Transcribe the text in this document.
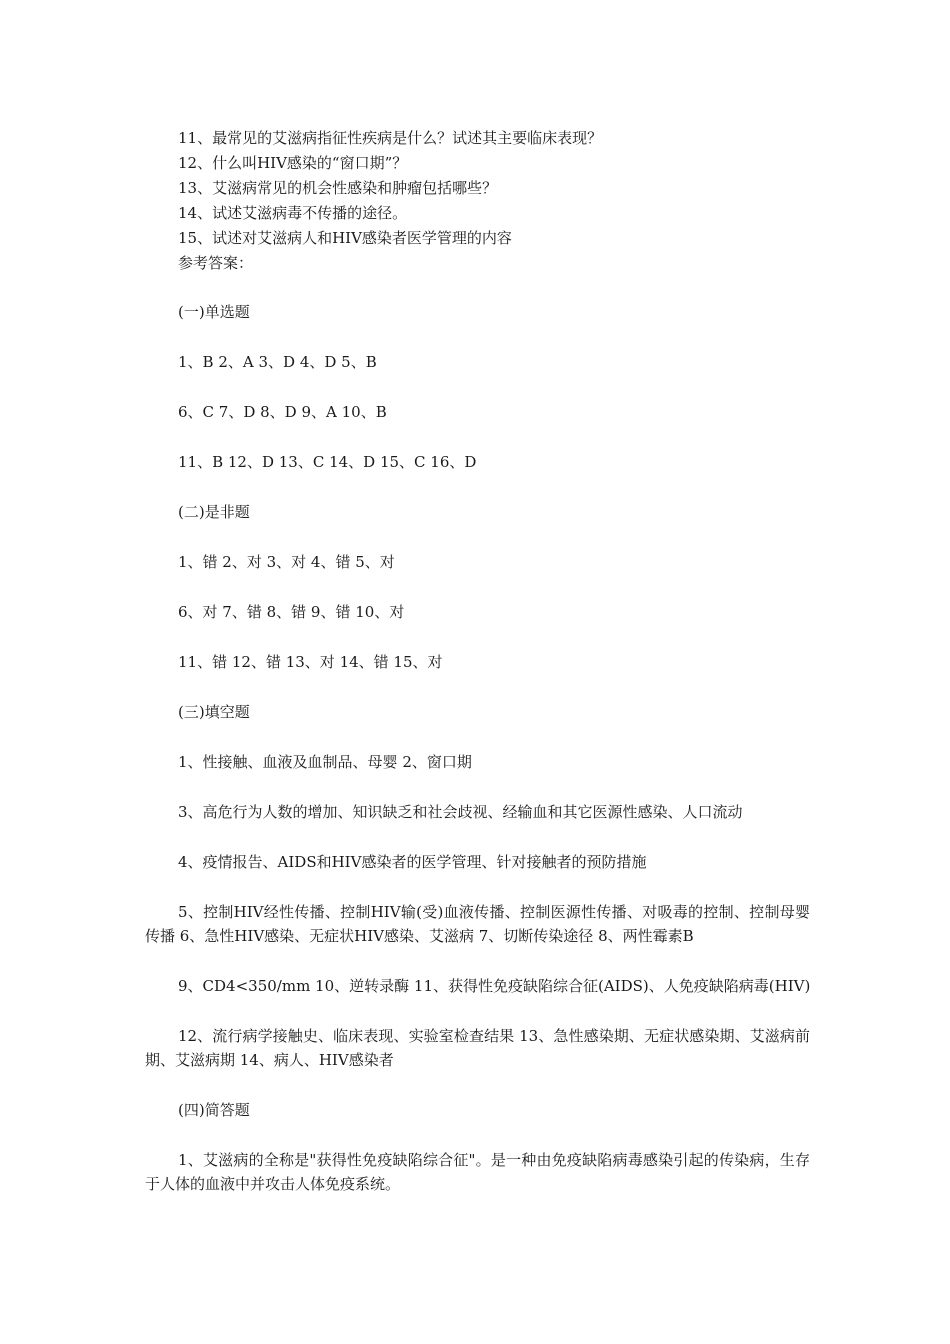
11、最常见的艾滋病指征性疾病是什么？试述其主要临床表现？
12、什么叫HIV感染的“窗口期”？
13、艾滋病常见的机会性感染和肿瘤包括哪些？
14、试述艾滋病毒不传播的途径。
15、试述对艾滋病人和HIV感染者医学管理的内容
参考答案：

(一)单选题

1、B 2、A 3、D 4、D 5、B

6、C 7、D 8、D 9、A 10、B

11、B 12、D 13、C 14、D 15、C 16、D

(二)是非题

1、错 2、对 3、对 4、错 5、对

6、对 7、错 8、错 9、错 10、对

11、错 12、错 13、对 14、错 15、对

(三)填空题

1、性接触、血液及血制品、母婴 2、窗口期

3、高危行为人数的增加、知识缺乏和社会歧视、经输血和其它医源性感染、人口流动

4、疫情报告、AIDS和HIV感染者的医学管理、针对接触者的预防措施

5、控制HIV经性传播、控制HIV输(受)血液传播、控制医源性传播、对吸毒的控制、控制母婴传播 6、急性HIV感染、无症状HIV感染、艾滋病 7、切断传染途径 8、两性霉素B

9、CD4<350/mm 10、逆转录酶 11、获得性免疫缺陷综合征(AIDS)、人免疫缺陷病毒(HIV)

12、流行病学接触史、临床表现、实验室检查结果 13、急性感染期、无症状感染期、艾滋病前期、艾滋病期 14、病人、HIV感染者

(四)简答题

1、艾滋病的全称是"获得性免疫缺陷综合征"。是一种由免疫缺陷病毒感染引起的传染病，生存于人体的血液中并攻击人体免疫系统。
